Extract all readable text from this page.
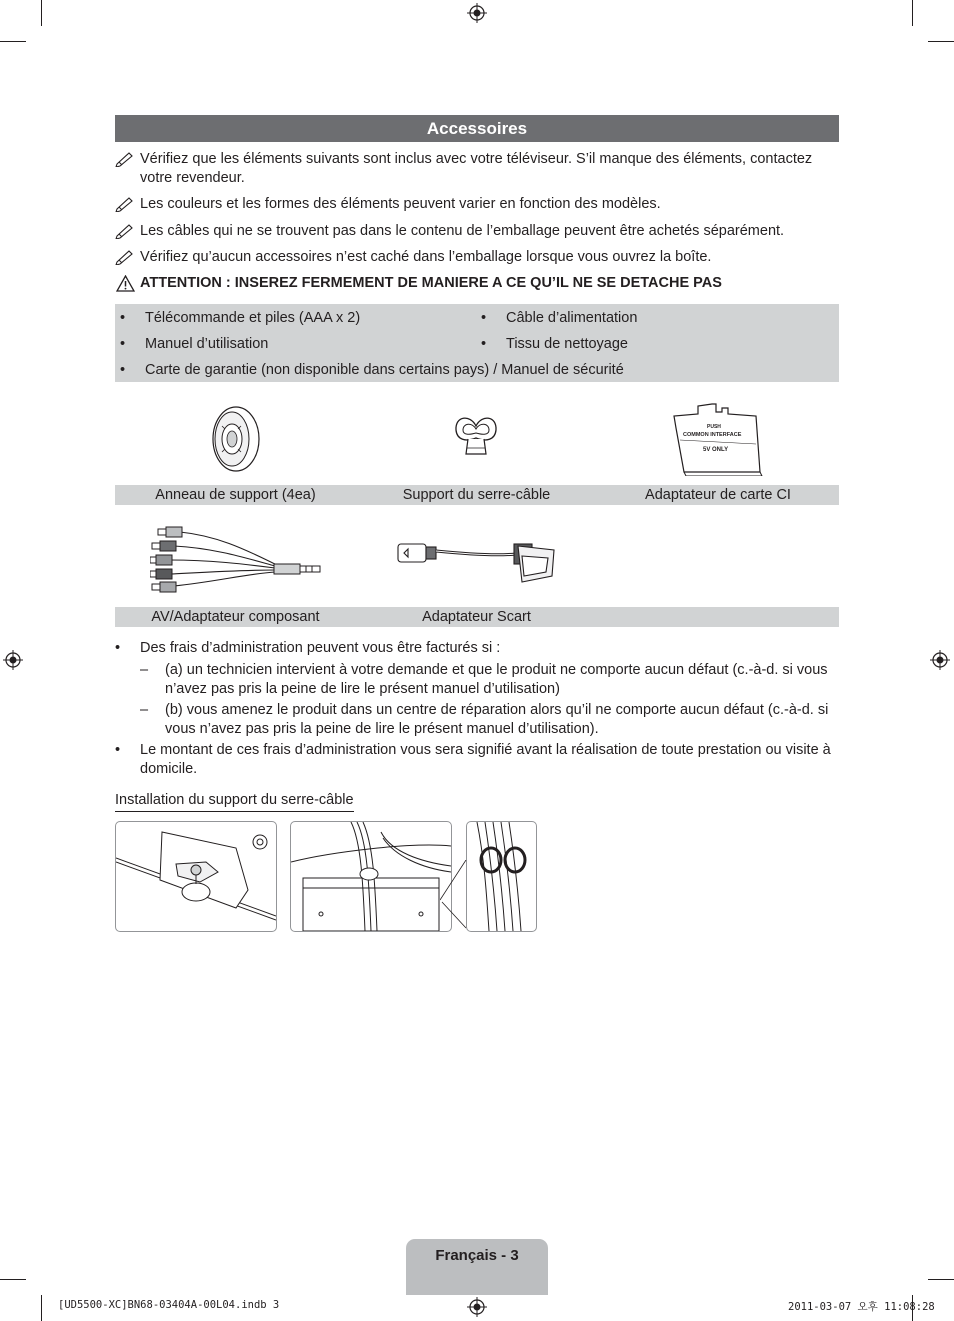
Accessoires
Vérifiez que les éléments suivants sont inclus avec votre téléviseur. S’il manque des éléments, contactez votre revendeur.
Les couleurs et les formes des éléments peuvent varier en fonction des modèles.
Les câbles qui ne se trouvent pas dans le contenu de l’emballage peuvent être achetés séparément.
Vérifiez qu’aucun accessoires n’est caché dans l’emballage lorsque vous ouvrez la boîte.
ATTENTION : INSEREZ FERMEMENT DE MANIERE A CE QU’IL NE SE DETACHE PAS
• Télécommande et piles (AAA x 2)	• Câble d’alimentation
• Manuel d’utilisation	• Tissu de nettoyage
• Carte de garantie (non disponible dans certains pays) / Manuel de sécurité
PUSH
COMMON INTERFACE
5V ONLY
Anneau de support (4ea)	Support du serre-câble	Adaptateur de carte CI
AV/Adaptateur composant	Adaptateur Scart
• Des frais d’administration peuvent vous être facturés si :
– (a) un technicien intervient à votre demande et que le produit ne comporte aucun défaut (c.-à-d. si vous n’avez pas pris la peine de lire le présent manuel d’utilisation)
– (b) vous amenez le produit dans un centre de réparation alors qu’il ne comporte aucun défaut (c.-à-d. si vous n’avez pas pris la peine de lire le présent manuel d’utilisation).
• Le montant de ces frais d’administration vous sera signifié avant la réalisation de toute prestation ou visite à domicile.
Installation du support du serre-câble
Français - 3
[UD5500-XC]BN68-03404A-00L04.indb 3	2011-03-07 오후 11:08:28
